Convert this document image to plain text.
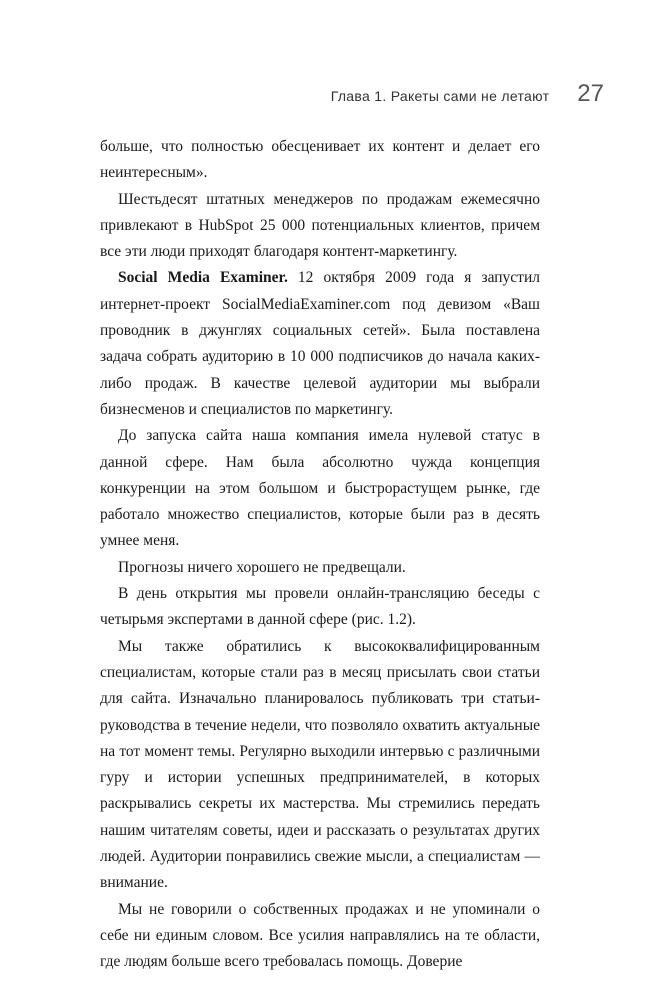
Глава 1. Ракеты сами не летают 27

больше, что полностью обесценивает их контент и делает его неинтересным».

Шестьдесят штатных менеджеров по продажам ежемесячно привлекают в HubSpot 25 000 потенциальных клиентов, причем все эти люди приходят благодаря контент-маркетингу.

Social Media Examiner. 12 октября 2009 года я запустил интернет-проект SocialMediaExaminer.com под девизом «Ваш проводник в джунглях социальных сетей». Была поставлена задача собрать аудиторию в 10 000 подписчиков до начала каких-либо продаж. В качестве целевой аудитории мы выбрали бизнесменов и специалистов по маркетингу.

До запуска сайта наша компания имела нулевой статус в данной сфере. Нам была абсолютно чужда концепция конкуренции на этом большом и быстрорастущем рынке, где работало множество специалистов, которые были раз в десять умнее меня.

Прогнозы ничего хорошего не предвещали.

В день открытия мы провели онлайн-трансляцию беседы с четырьмя экспертами в данной сфере (рис. 1.2).

Мы также обратились к высококвалифицированным специалистам, которые стали раз в месяц присылать свои статьи для сайта. Изначально планировалось публиковать три статьи-руководства в течение недели, что позволяло охватить актуальные на тот момент темы. Регулярно выходили интервью с различными гуру и истории успешных предпринимателей, в которых раскрывались секреты их мастерства. Мы стремились передать нашим читателям советы, идеи и рассказать о результатах других людей. Аудитории понравились свежие мысли, а специалистам — внимание.

Мы не говорили о собственных продажах и не упоминали о себе ни единым словом. Все усилия направлялись на те области, где людям больше всего требовалась помощь. Доверие
